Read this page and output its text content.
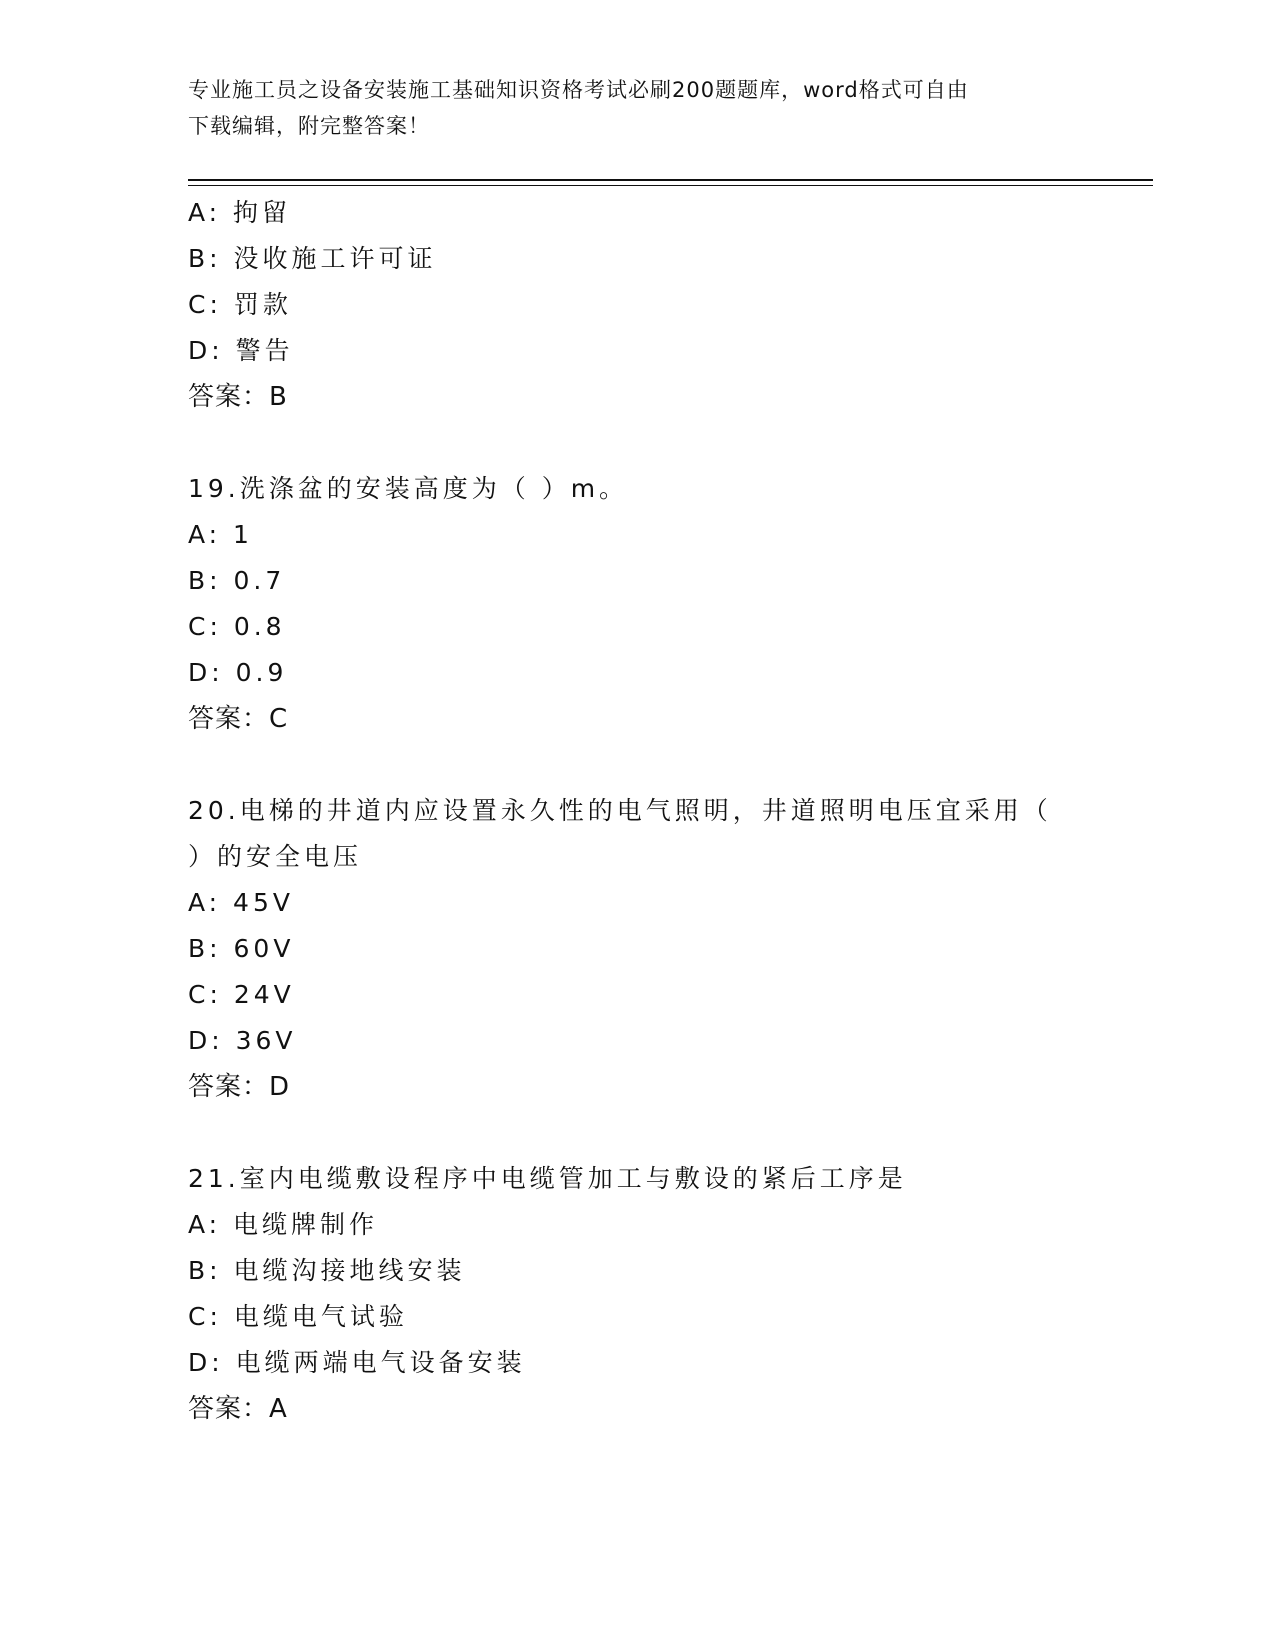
专业施工员之设备安装施工基础知识资格考试必刷200题题库，word格式可自由
下载编辑，附完整答案！
A: 拘留
B: 没收施工许可证
C: 罚款
D: 警告
答案：B
19.洗涤盆的安装高度为（ ）m。
A: 1
B: 0.7
C: 0.8
D: 0.9
答案：C
20.电梯的井道内应设置永久性的电气照明，井道照明电压宜采用（
）的安全电压
A: 45V
B: 60V
C: 24V
D: 36V
答案：D
21.室内电缆敷设程序中电缆管加工与敷设的紧后工序是
A: 电缆牌制作
B: 电缆沟接地线安装
C: 电缆电气试验
D: 电缆两端电气设备安装
答案：A
